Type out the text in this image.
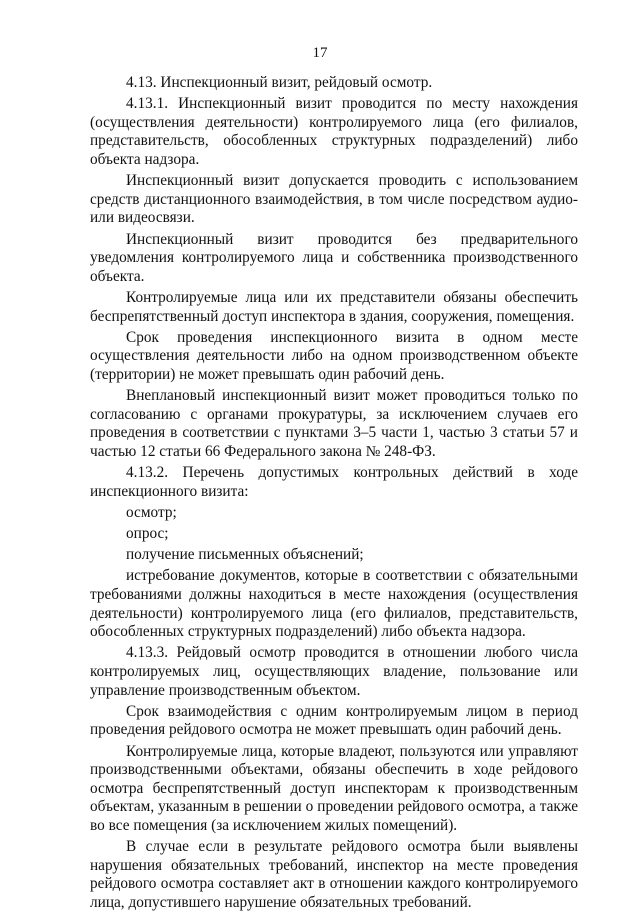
17

4.13. Инспекционный визит, рейдовый осмотр.

4.13.1. Инспекционный визит проводится по месту нахождения (осуществления деятельности) контролируемого лица (его филиалов, представительств, обособленных структурных подразделений) либо объекта надзора.

Инспекционный визит допускается проводить с использованием средств дистанционного взаимодействия, в том числе посредством аудио- или видеосвязи.

Инспекционный визит проводится без предварительного уведомления контролируемого лица и собственника производственного объекта.

Контролируемые лица или их представители обязаны обеспечить беспрепятственный доступ инспектора в здания, сооружения, помещения.

Срок проведения инспекционного визита в одном месте осуществления деятельности либо на одном производственном объекте (территории) не может превышать один рабочий день.

Внеплановый инспекционный визит может проводиться только по согласованию с органами прокуратуры, за исключением случаев его проведения в соответствии с пунктами 3–5 части 1, частью 3 статьи 57 и частью 12 статьи 66 Федерального закона № 248-ФЗ.

4.13.2. Перечень допустимых контрольных действий в ходе инспекционного визита:

осмотр;

опрос;

получение письменных объяснений;

истребование документов, которые в соответствии с обязательными требованиями должны находиться в месте нахождения (осуществления деятельности) контролируемого лица (его филиалов, представительств, обособленных структурных подразделений) либо объекта надзора.

4.13.3. Рейдовый осмотр проводится в отношении любого числа контролируемых лиц, осуществляющих владение, пользование или управление производственным объектом.

Срок взаимодействия с одним контролируемым лицом в период проведения рейдового осмотра не может превышать один рабочий день.

Контролируемые лица, которые владеют, пользуются или управляют производственными объектами, обязаны обеспечить в ходе рейдового осмотра беспрепятственный доступ инспекторам к производственным объектам, указанным в решении о проведении рейдового осмотра, а также во все помещения (за исключением жилых помещений).

В случае если в результате рейдового осмотра были выявлены нарушения обязательных требований, инспектор на месте проведения рейдового осмотра составляет акт в отношении каждого контролируемого лица, допустившего нарушение обязательных требований.
